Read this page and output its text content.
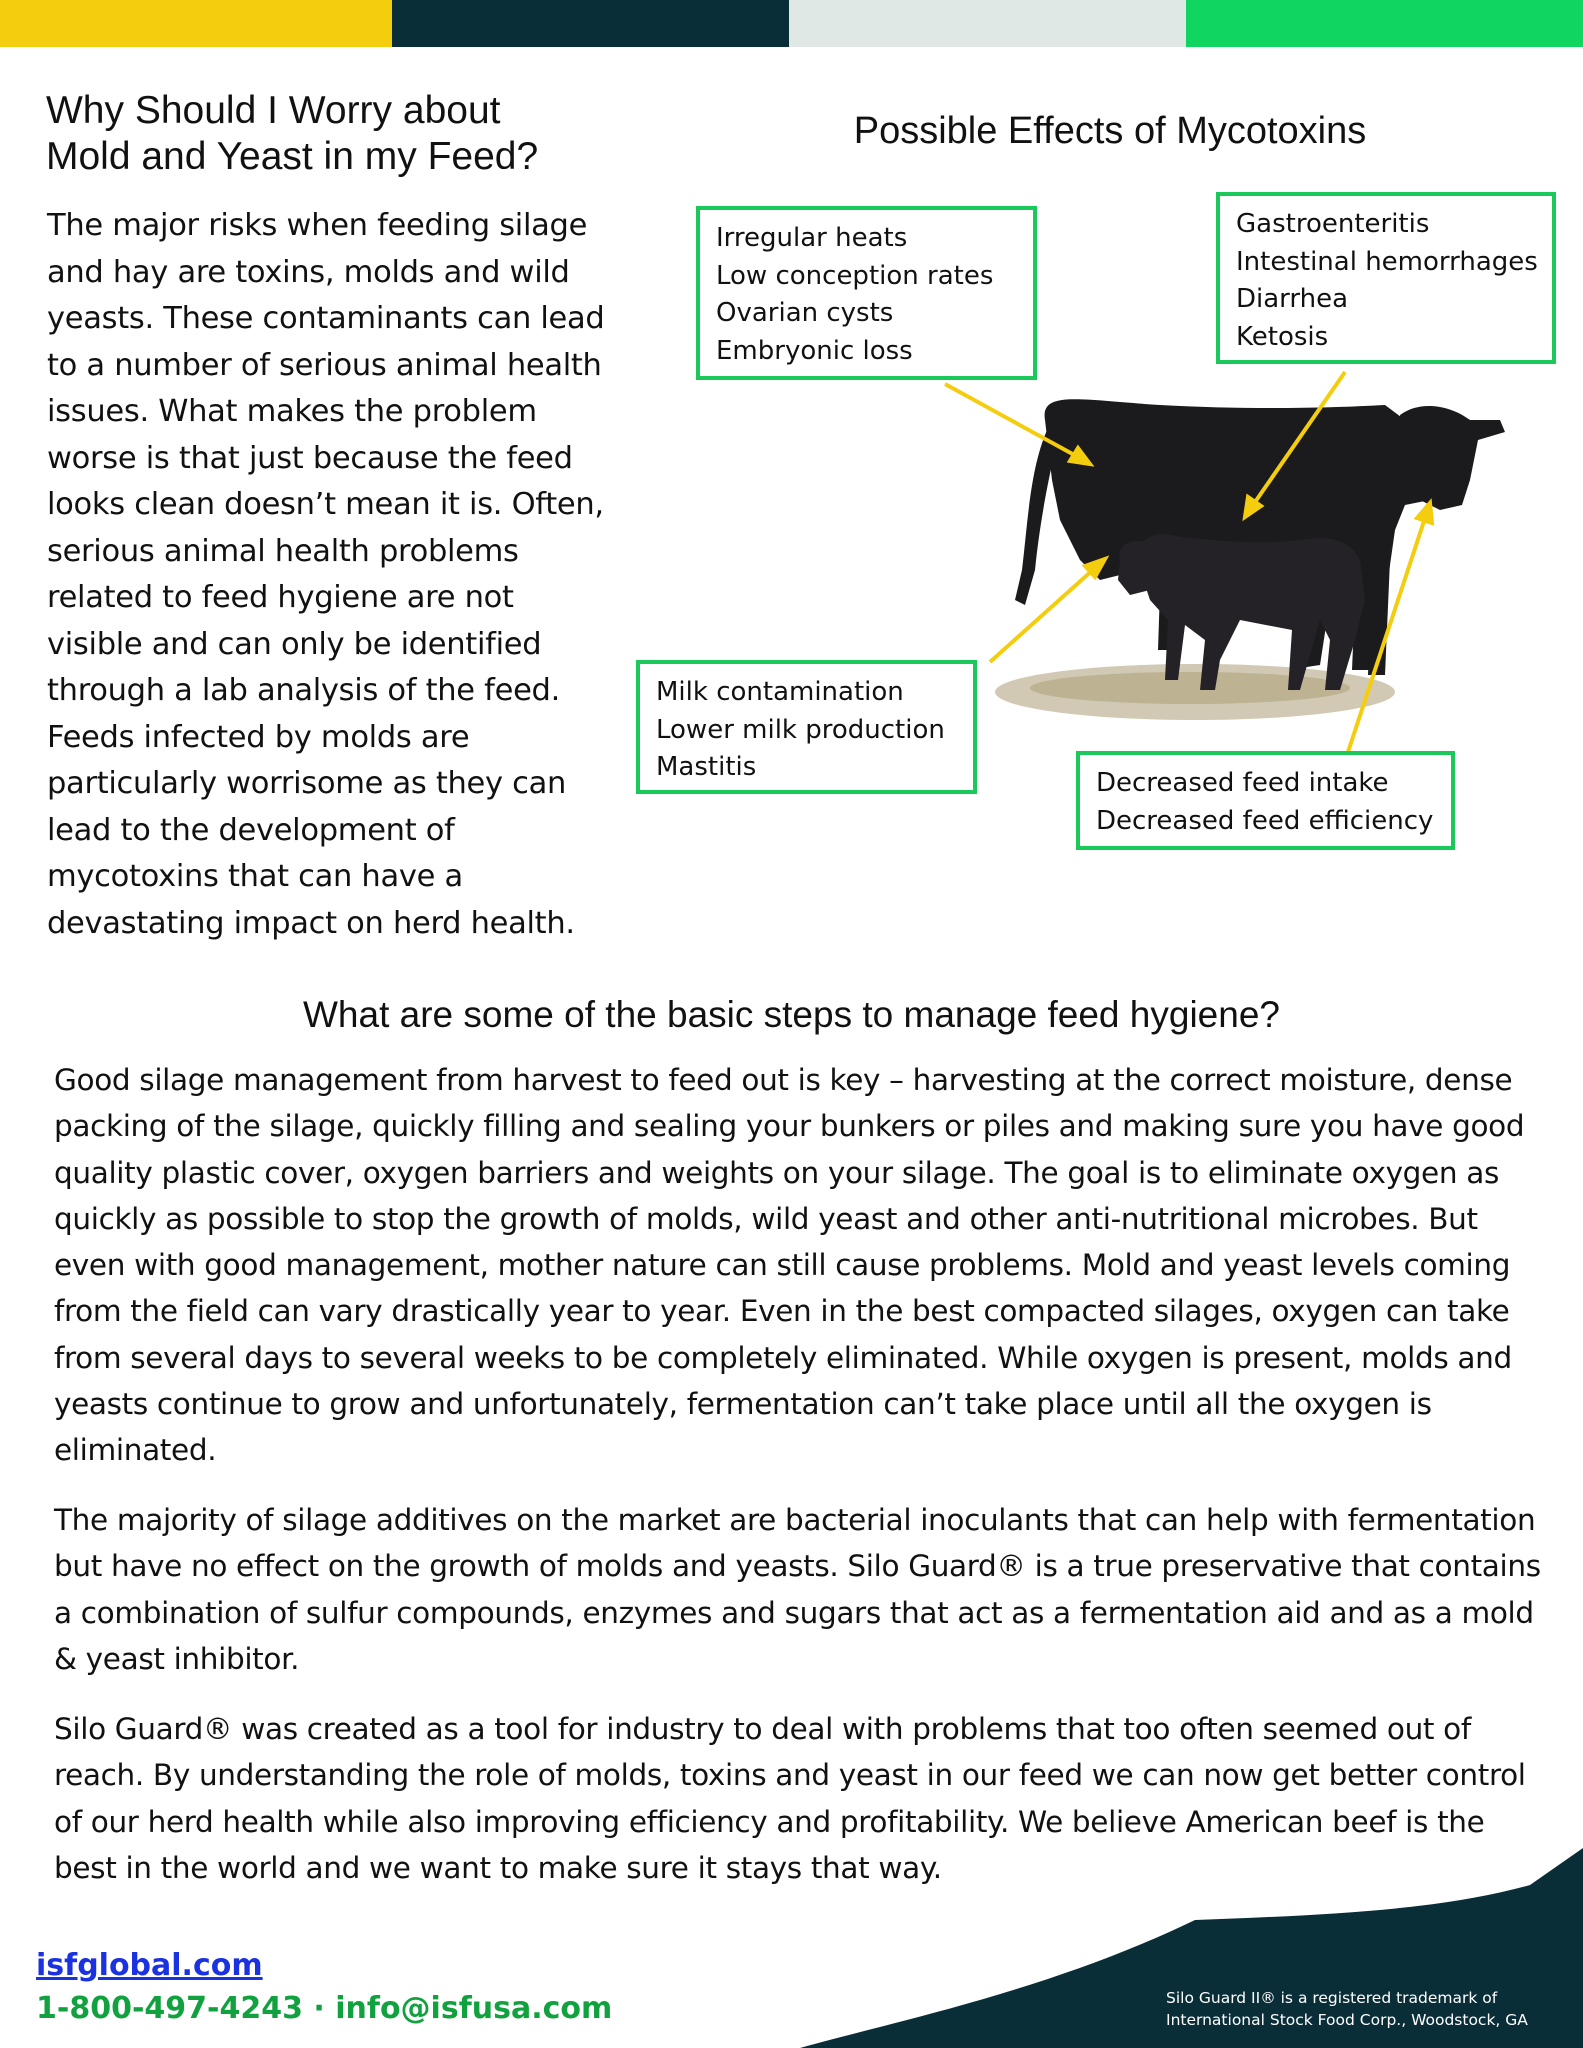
Why Should I Worry about
Mold and Yeast in my Feed?
The major risks when feeding silage and hay are toxins, molds and wild yeasts. These contaminants can lead to a number of serious animal health issues. What makes the problem worse is that just because the feed looks clean doesn’t mean it is. Often, serious animal health problems related to feed hygiene are not visible and can only be identified through a lab analysis of the feed. Feeds infected by molds are particularly worrisome as they can lead to the development of mycotoxins that can have a devastating impact on herd health.
Possible Effects of Mycotoxins
Irregular heats
Low conception rates
Ovarian cysts
Embryonic loss
Gastroenteritis
Intestinal hemorrhages
Diarrhea
Ketosis
Milk contamination
Lower milk production
Mastitis
Decreased feed intake
Decreased feed efficiency
What are some of the basic steps to manage feed hygiene?

Good silage management from harvest to feed out is key – harvesting at the correct moisture, dense packing of the silage, quickly filling and sealing your bunkers or piles and making sure you have good quality plastic cover, oxygen barriers and weights on your silage. The goal is to eliminate oxygen as quickly as possible to stop the growth of molds, wild yeast and other anti-nutritional microbes. But even with good management, mother nature can still cause problems. Mold and yeast levels coming from the field can vary drastically year to year. Even in the best compacted silages, oxygen can take from several days to several weeks to be completely eliminated. While oxygen is present, molds and yeasts continue to grow and unfortunately, fermentation can’t take place until all the oxygen is eliminated.

The majority of silage additives on the market are bacterial inoculants that can help with fermentation but have no effect on the growth of molds and yeasts. Silo Guard® is a true preservative that contains a combination of sulfur compounds, enzymes and sugars that act as a fermentation aid and as a mold & yeast inhibitor.

Silo Guard® was created as a tool for industry to deal with problems that too often seemed out of reach. By understanding the role of molds, toxins and yeast in our feed we can now get better control of our herd health while also improving efficiency and profitability. We believe American beef is the best in the world and we want to make sure it stays that way.

isfglobal.com
1-800-497-4243 · info@isfusa.com	Silo Guard II® is a registered trademark of
International Stock Food Corp., Woodstock, GA
